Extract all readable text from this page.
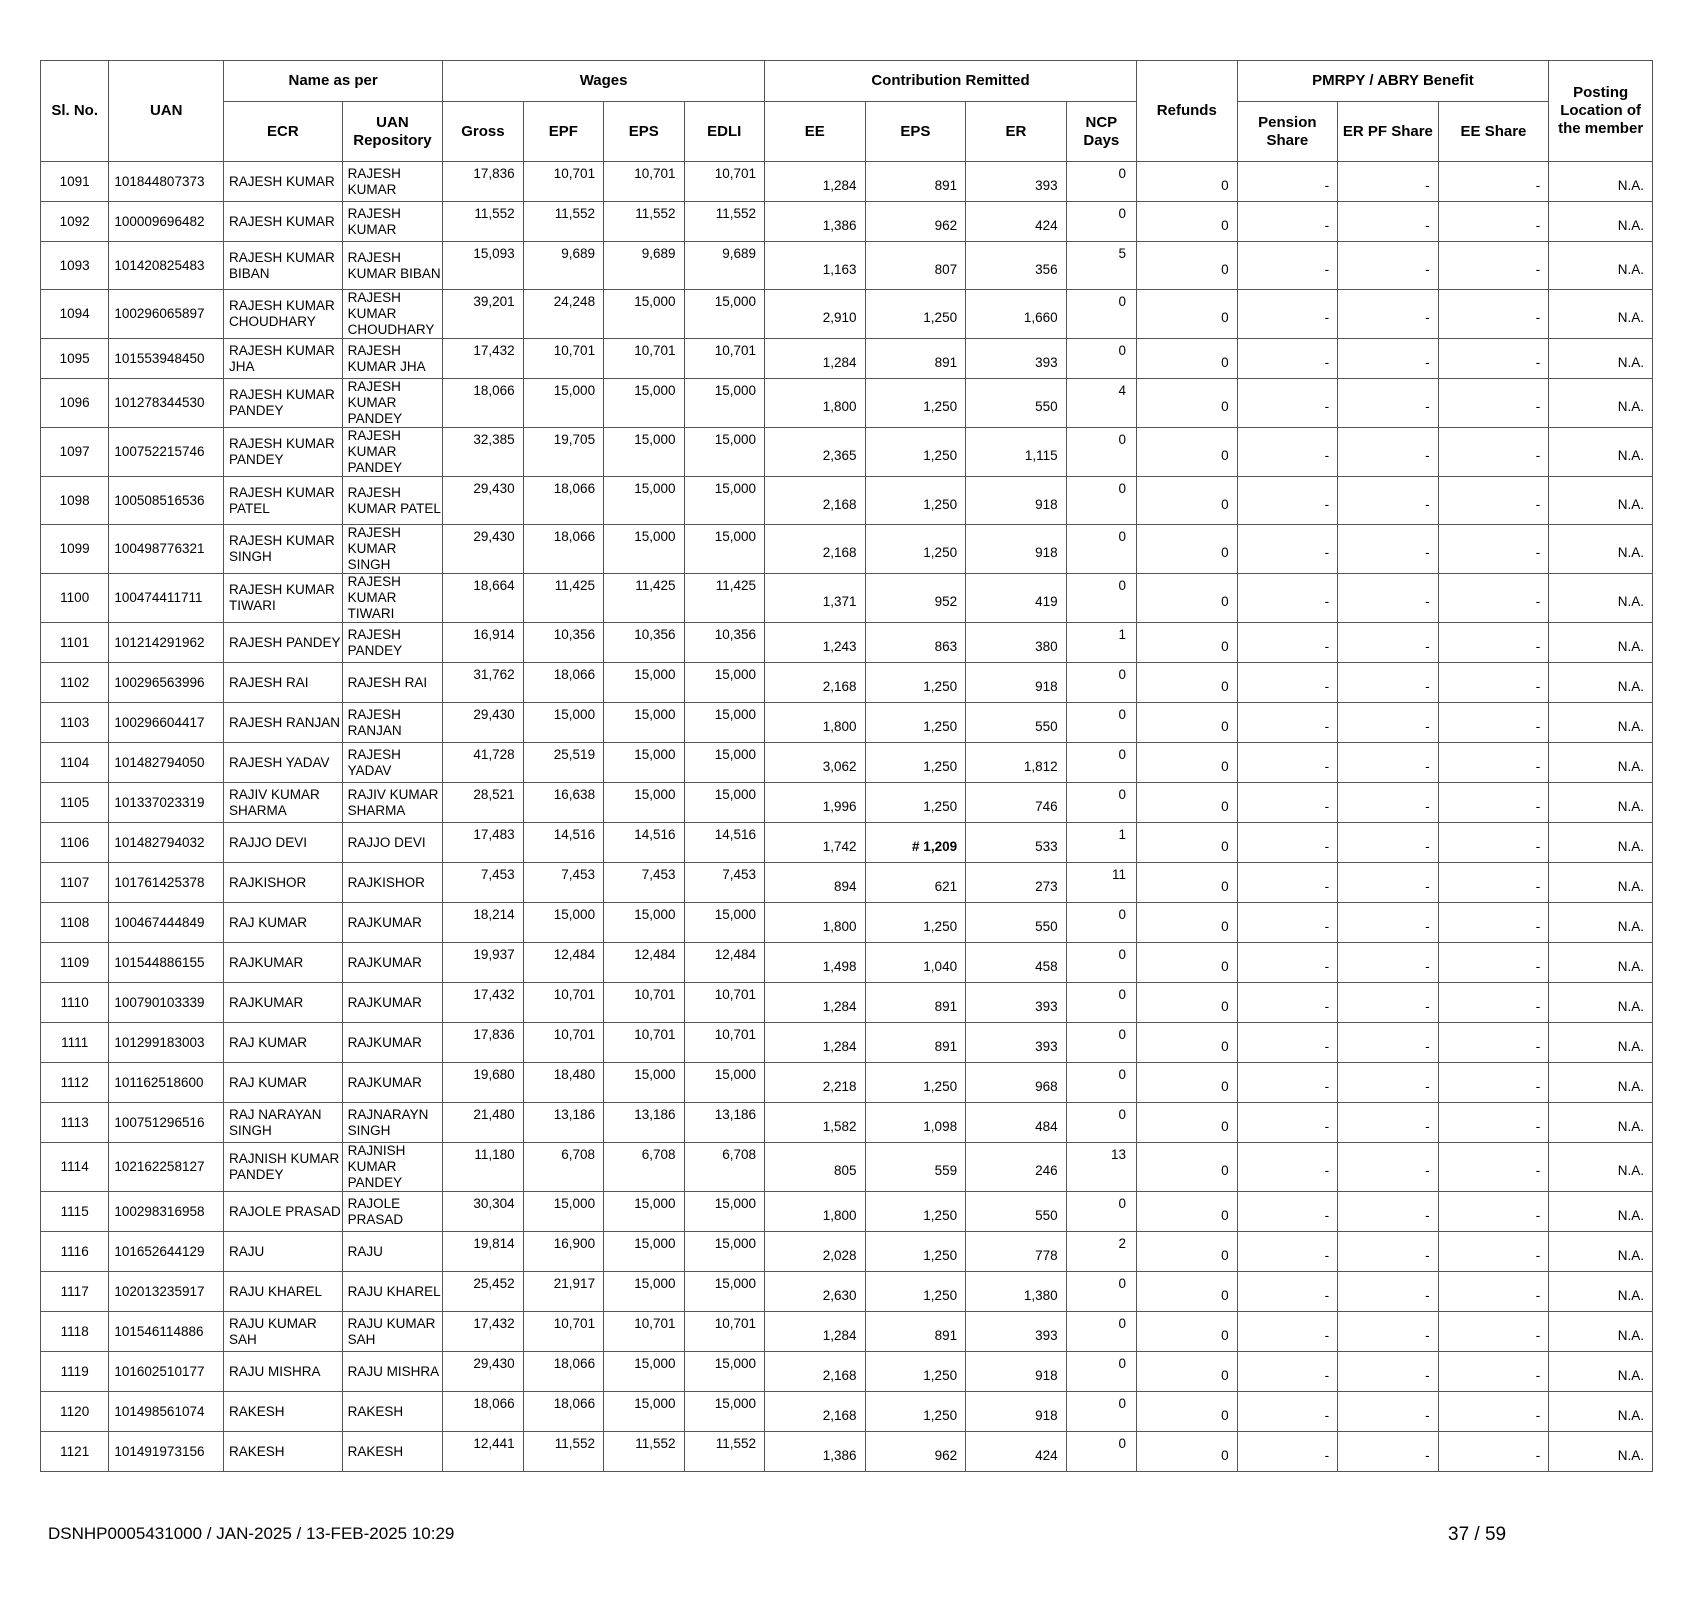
Sl. No.	UAN	Name as per		Wages				Contribution Remitted				Refunds	PMRPY / ABRY Benefit			Posting Location of the member
		ECR	UAN Repository	Gross	EPF	EPS	EDLI	EE	EPS	ER	NCP Days		Pension Share	ER PF Share	EE Share	
1091	101844807373	RAJESH KUMAR	RAJESH KUMAR	17,836	10,701	10,701	10,701	1,284	891	393	0	0	-	-	-	N.A.
1092	100009696482	RAJESH KUMAR	RAJESH KUMAR	11,552	11,552	11,552	11,552	1,386	962	424	0	0	-	-	-	N.A.
1093	101420825483	RAJESH KUMAR BIBAN	RAJESH KUMAR BIBAN	15,093	9,689	9,689	9,689	1,163	807	356	5	0	-	-	-	N.A.
1094	100296065897	RAJESH KUMAR CHOUDHARY	RAJESH KUMAR CHOUDHARY	39,201	24,248	15,000	15,000	2,910	1,250	1,660	0	0	-	-	-	N.A.
1095	101553948450	RAJESH KUMAR JHA	RAJESH KUMAR JHA	17,432	10,701	10,701	10,701	1,284	891	393	0	0	-	-	-	N.A.
1096	101278344530	RAJESH KUMAR PANDEY	RAJESH KUMAR PANDEY	18,066	15,000	15,000	15,000	1,800	1,250	550	4	0	-	-	-	N.A.
1097	100752215746	RAJESH KUMAR PANDEY	RAJESH KUMAR PANDEY	32,385	19,705	15,000	15,000	2,365	1,250	1,115	0	0	-	-	-	N.A.
1098	100508516536	RAJESH KUMAR PATEL	RAJESH KUMAR PATEL	29,430	18,066	15,000	15,000	2,168	1,250	918	0	0	-	-	-	N.A.
1099	100498776321	RAJESH KUMAR SINGH	RAJESH KUMAR SINGH	29,430	18,066	15,000	15,000	2,168	1,250	918	0	0	-	-	-	N.A.
1100	100474411711	RAJESH KUMAR TIWARI	RAJESH KUMAR TIWARI	18,664	11,425	11,425	11,425	1,371	952	419	0	0	-	-	-	N.A.
1101	101214291962	RAJESH PANDEY	RAJESH PANDEY	16,914	10,356	10,356	10,356	1,243	863	380	1	0	-	-	-	N.A.
1102	100296563996	RAJESH RAI	RAJESH RAI	31,762	18,066	15,000	15,000	2,168	1,250	918	0	0	-	-	-	N.A.
1103	100296604417	RAJESH RANJAN	RAJESH RANJAN	29,430	15,000	15,000	15,000	1,800	1,250	550	0	0	-	-	-	N.A.
1104	101482794050	RAJESH YADAV	RAJESH YADAV	41,728	25,519	15,000	15,000	3,062	1,250	1,812	0	0	-	-	-	N.A.
1105	101337023319	RAJIV KUMAR SHARMA	RAJIV KUMAR SHARMA	28,521	16,638	15,000	15,000	1,996	1,250	746	0	0	-	-	-	N.A.
1106	101482794032	RAJJO DEVI	RAJJO DEVI	17,483	14,516	14,516	14,516	1,742	# 1,209	533	1	0	-	-	-	N.A.
1107	101761425378	RAJKISHOR	RAJKISHOR	7,453	7,453	7,453	7,453	894	621	273	11	0	-	-	-	N.A.
1108	100467444849	RAJ KUMAR	RAJKUMAR	18,214	15,000	15,000	15,000	1,800	1,250	550	0	0	-	-	-	N.A.
1109	101544886155	RAJKUMAR	RAJKUMAR	19,937	12,484	12,484	12,484	1,498	1,040	458	0	0	-	-	-	N.A.
1110	100790103339	RAJKUMAR	RAJKUMAR	17,432	10,701	10,701	10,701	1,284	891	393	0	0	-	-	-	N.A.
1111	101299183003	RAJ KUMAR	RAJKUMAR	17,836	10,701	10,701	10,701	1,284	891	393	0	0	-	-	-	N.A.
1112	101162518600	RAJ KUMAR	RAJKUMAR	19,680	18,480	15,000	15,000	2,218	1,250	968	0	0	-	-	-	N.A.
1113	100751296516	RAJ NARAYAN SINGH	RAJNARAYN SINGH	21,480	13,186	13,186	13,186	1,582	1,098	484	0	0	-	-	-	N.A.
1114	102162258127	RAJNISH KUMAR PANDEY	RAJNISH KUMAR PANDEY	11,180	6,708	6,708	6,708	805	559	246	13	0	-	-	-	N.A.
1115	100298316958	RAJOLE PRASAD	RAJOLE PRASAD	30,304	15,000	15,000	15,000	1,800	1,250	550	0	0	-	-	-	N.A.
1116	101652644129	RAJU	RAJU	19,814	16,900	15,000	15,000	2,028	1,250	778	2	0	-	-	-	N.A.
1117	102013235917	RAJU KHAREL	RAJU KHAREL	25,452	21,917	15,000	15,000	2,630	1,250	1,380	0	0	-	-	-	N.A.
1118	101546114886	RAJU KUMAR SAH	RAJU KUMAR SAH	17,432	10,701	10,701	10,701	1,284	891	393	0	0	-	-	-	N.A.
1119	101602510177	RAJU MISHRA	RAJU MISHRA	29,430	18,066	15,000	15,000	2,168	1,250	918	0	0	-	-	-	N.A.
1120	101498561074	RAKESH	RAKESH	18,066	18,066	15,000	15,000	2,168	1,250	918	0	0	-	-	-	N.A.
1121	101491973156	RAKESH	RAKESH	12,441	11,552	11,552	11,552	1,386	962	424	0	0	-	-	-	N.A.
DSNHP0005431000 / JAN-2025 / 13-FEB-2025 10:29	37 / 59
